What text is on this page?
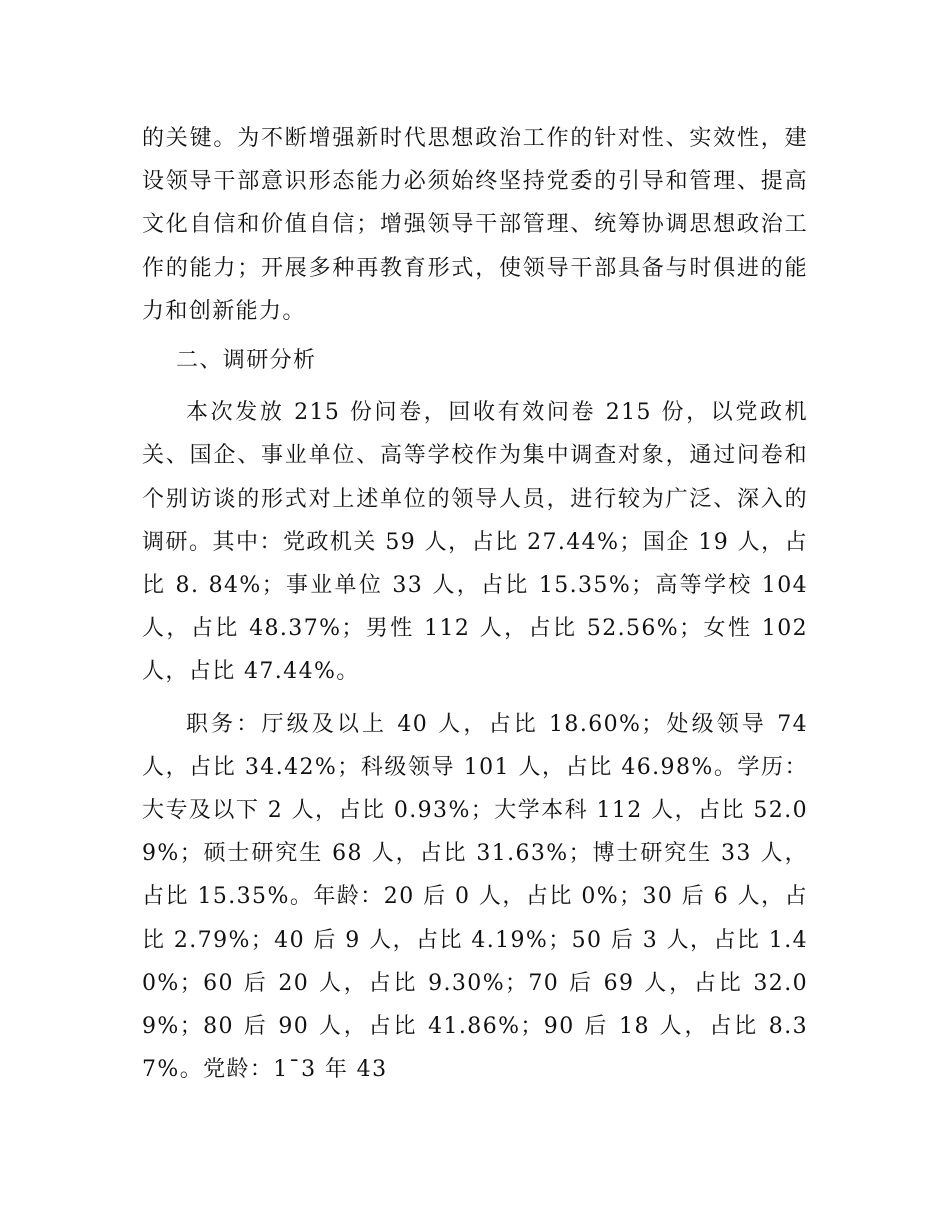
的关键。为不断增强新时代思想政治工作的针对性、实效性，建设领导干部意识形态能力必须始终坚持党委的引导和管理、提高文化自信和价值自信；增强领导干部管理、统筹协调思想政治工作的能力；开展多种再教育形式，使领导干部具备与时俱进的能力和创新能力。

二、调研分析

本次发放 215 份问卷，回收有效问卷 215 份，以党政机关、国企、事业单位、高等学校作为集中调查对象，通过问卷和个别访谈的形式对上述单位的领导人员，进行较为广泛、深入的调研。其中：党政机关 59 人，占比 27.44%；国企 19 人，占比 8. 84%；事业单位 33 人，占比 15.35%；高等学校 104 人，占比 48.37%；男性 112 人，占比 52.56%；女性 102 人，占比 47.44%。

职务：厅级及以上 40 人，占比 18.60%；处级领导 74 人，占比 34.42%；科级领导 101 人，占比 46.98%。学历：大专及以下 2 人，占比 0.93%；大学本科 112 人，占比 52.09%；硕士研究生 68 人，占比 31.63%；博士研究生 33 人，占比 15.35%。年龄：20 后 0 人，占比 0%；30 后 6 人，占比 2.79%；40 后 9 人，占比 4.19%；50 后 3 人，占比 1.40%；60 后 20 人，占比 9.30%；70 后 69 人，占比 32.09%；80 后 90 人，占比 41.86%；90 后 18 人，占比 8.37%。党龄：1¯3 年 43
